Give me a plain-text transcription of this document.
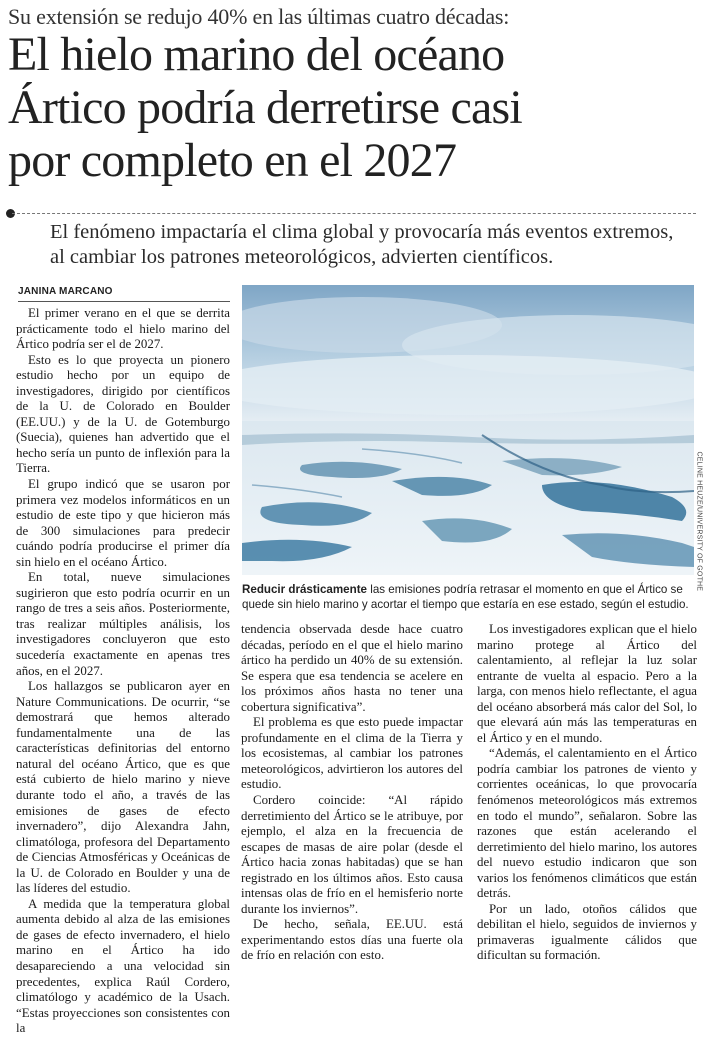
Su extensión se redujo 40% en las últimas cuatro décadas:
El hielo marino del océano
Ártico podría derretirse casi
por completo en el 2027
El fenómeno impactaría el clima global y provocaría más eventos extremos, al cambiar los patrones meteorológicos, advierten científicos.
JANINA MARCANO

El primer verano en el que se derrita prácticamente todo el hielo marino del Ártico podría ser el de 2027.

Esto es lo que proyecta un pionero estudio hecho por un equipo de investigadores, dirigido por científicos de la U. de Colorado en Boulder (EE.UU.) y de la U. de Gotemburgo (Suecia), quienes han advertido que el hecho sería un punto de inflexión para la Tierra.

El grupo indicó que se usaron por primera vez modelos informáticos en un estudio de este tipo y que hicieron más de 300 simulaciones para predecir cuándo podría producirse el primer día sin hielo en el océano Ártico.

En total, nueve simulaciones sugirieron que esto podría ocurrir en un rango de tres a seis años. Posteriormente, tras realizar múltiples análisis, los investigadores concluyeron que esto sucedería exactamente en apenas tres años, en el 2027.

Los hallazgos se publicaron ayer en Nature Communications. De ocurrir, “se demostrará que hemos alterado fundamentalmente una de las características definitorias del entorno natural del océano Ártico, que es que está cubierto de hielo marino y nieve durante todo el año, a través de las emisiones de gases de efecto invernadero”, dijo Alexandra Jahn, climatóloga, profesora del Departamento de Ciencias Atmosféricas y Oceánicas de la U. de Colorado en Boulder y una de las líderes del estudio.

A medida que la temperatura global aumenta debido al alza de las emisiones de gases de efecto invernadero, el hielo marino en el Ártico ha ido desapareciendo a una velocidad sin precedentes, explica Raúl Cordero, climatólogo y académico de la Usach. “Estas proyecciones son consistentes con la

CÉLINE HEUZÉ/UNIVERSITY OF GOTHE
Reducir drásticamente las emisiones podría retrasar el momento en que el Ártico se quede sin hielo marino y acortar el tiempo que estaría en ese estado, según el estudio.

tendencia observada desde hace cuatro décadas, período en el que el hielo marino ártico ha perdido un 40% de su extensión. Se espera que esa tendencia se acelere en los próximos años hasta no tener una cobertura significativa”.

El problema es que esto puede impactar profundamente en el clima de la Tierra y los ecosistemas, al cambiar los patrones meteorológicos, advirtieron los autores del estudio.

Cordero coincide: “Al rápido derretimiento del Ártico se le atribuye, por ejemplo, el alza en la frecuencia de escapes de masas de aire polar (desde el Ártico hacia zonas habitadas) que se han registrado en los últimos años. Esto causa intensas olas de frío en el hemisferio norte durante los inviernos”.

De hecho, señala, EE.UU. está experimentando estos días una fuerte ola de frío en relación con esto.

Los investigadores explican que el hielo marino protege al Ártico del calentamiento, al reflejar la luz solar entrante de vuelta al espacio. Pero a la larga, con menos hielo reflectante, el agua del océano absorberá más calor del Sol, lo que elevará aún más las temperaturas en el Ártico y en el mundo.

“Además, el calentamiento en el Ártico podría cambiar los patrones de viento y corrientes oceánicas, lo que provocaría fenómenos meteorológicos más extremos en todo el mundo”, señalaron. Sobre las razones que están acelerando el derretimiento del hielo marino, los autores del nuevo estudio indicaron que son varios los fenómenos climáticos que están detrás.

Por un lado, otoños cálidos que debilitan el hielo, seguidos de inviernos y primaveras igualmente cálidos que dificultan su formación.
